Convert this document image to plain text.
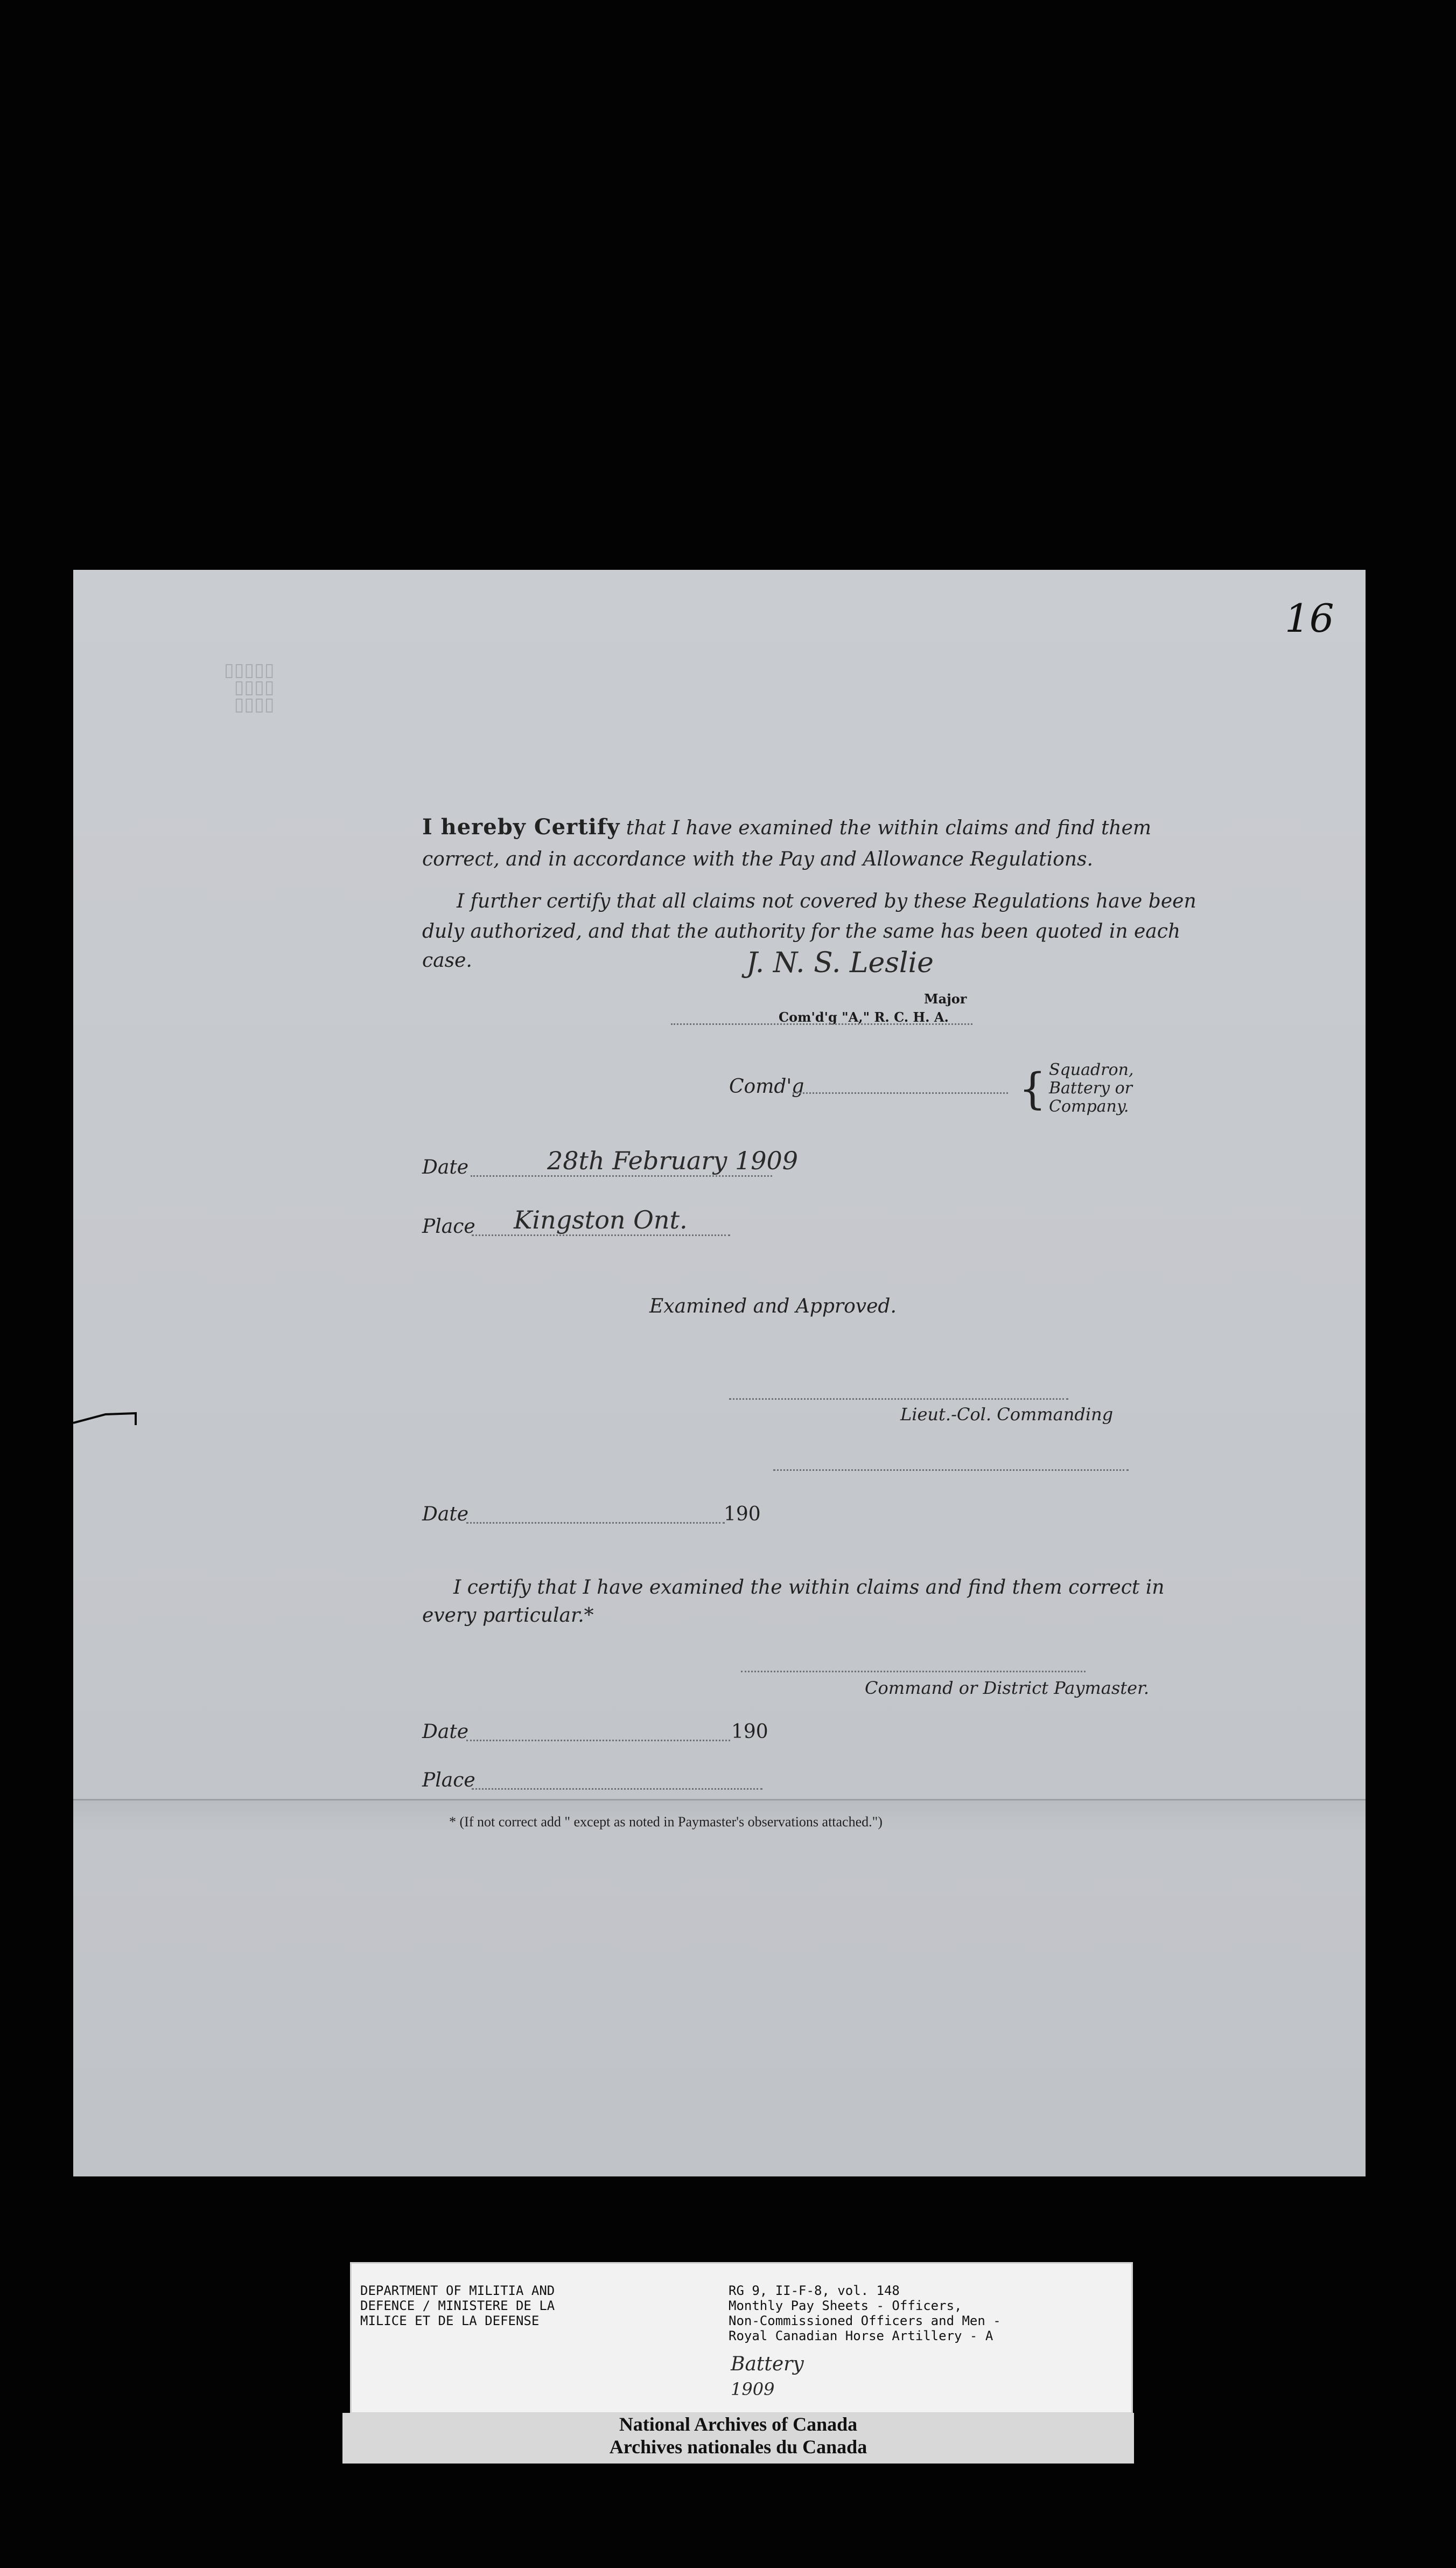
16
▯▯▯▯▯
▯▯▯▯
▯▯▯▯
I hereby Certify that I have examined the within claims and find them
correct, and in accordance with the Pay and Allowance Regulations.
I further certify that all claims not covered by these Regulations have been
duly authorized, and that the authority for the same has been quoted in each
case.	J. N. S. Leslie
Major
Com'd'g "A," R. C. H. A.
Comd'g	{ Squadron,
Battery or
Company.
Date	28th February 1909
Place Kingston Ont.
Examined and Approved.
Lieut.-Col. Commanding
Date	190
I certify that I have examined the within claims and find them correct in
every particular.*
Command or District Paymaster.
Date	190
Place
* (If not correct add " except as noted in Paymaster's observations attached.")
DEPARTMENT OF MILITIA AND
DEFENCE / MINISTERE DE LA
MILICE ET DE LA DEFENSE
RG 9, II-F-8, vol. 148
Monthly Pay Sheets - Officers,
Non-Commissioned Officers and Men -
Royal Canadian Horse Artillery - A
Battery
1909
National Archives of Canada
Archives nationales du Canada
